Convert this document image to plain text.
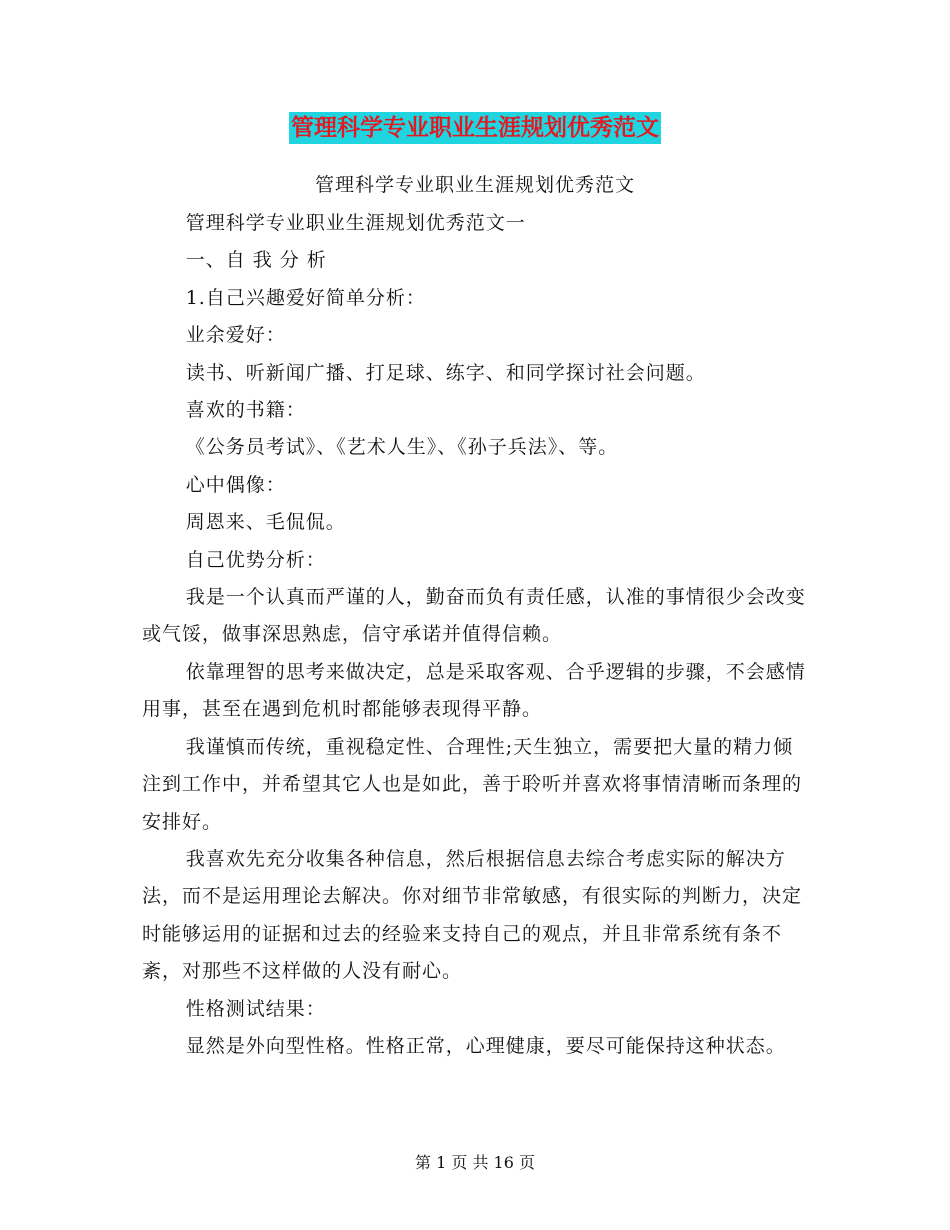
管理科学专业职业生涯规划优秀范文
管理科学专业职业生涯规划优秀范文

管理科学专业职业生涯规划优秀范文一

一、自 我 分 析

1.自己兴趣爱好简单分析：

业余爱好：

读书、听新闻广播、打足球、练字、和同学探讨社会问题。

喜欢的书籍：

《公务员考试》、《艺术人生》、《孙子兵法》、等。

心中偶像：

周恩来、毛侃侃。

自己优势分析：

我是一个认真而严谨的人，勤奋而负有责任感，认准的事情很少会改变或气馁，做事深思熟虑，信守承诺并值得信赖。

依靠理智的思考来做决定，总是采取客观、合乎逻辑的步骤，不会感情用事，甚至在遇到危机时都能够表现得平静。

我谨慎而传统，重视稳定性、合理性;天生独立，需要把大量的精力倾注到工作中，并希望其它人也是如此，善于聆听并喜欢将事情清晰而条理的安排好。

我喜欢先充分收集各种信息，然后根据信息去综合考虑实际的解决方法，而不是运用理论去解决。你对细节非常敏感，有很实际的判断力，决定时能够运用的证据和过去的经验来支持自己的观点，并且非常系统有条不紊，对那些不这样做的人没有耐心。

性格测试结果：

显然是外向型性格。性格正常，心理健康，要尽可能保持这种状态。

第 1 页 共 16 页
